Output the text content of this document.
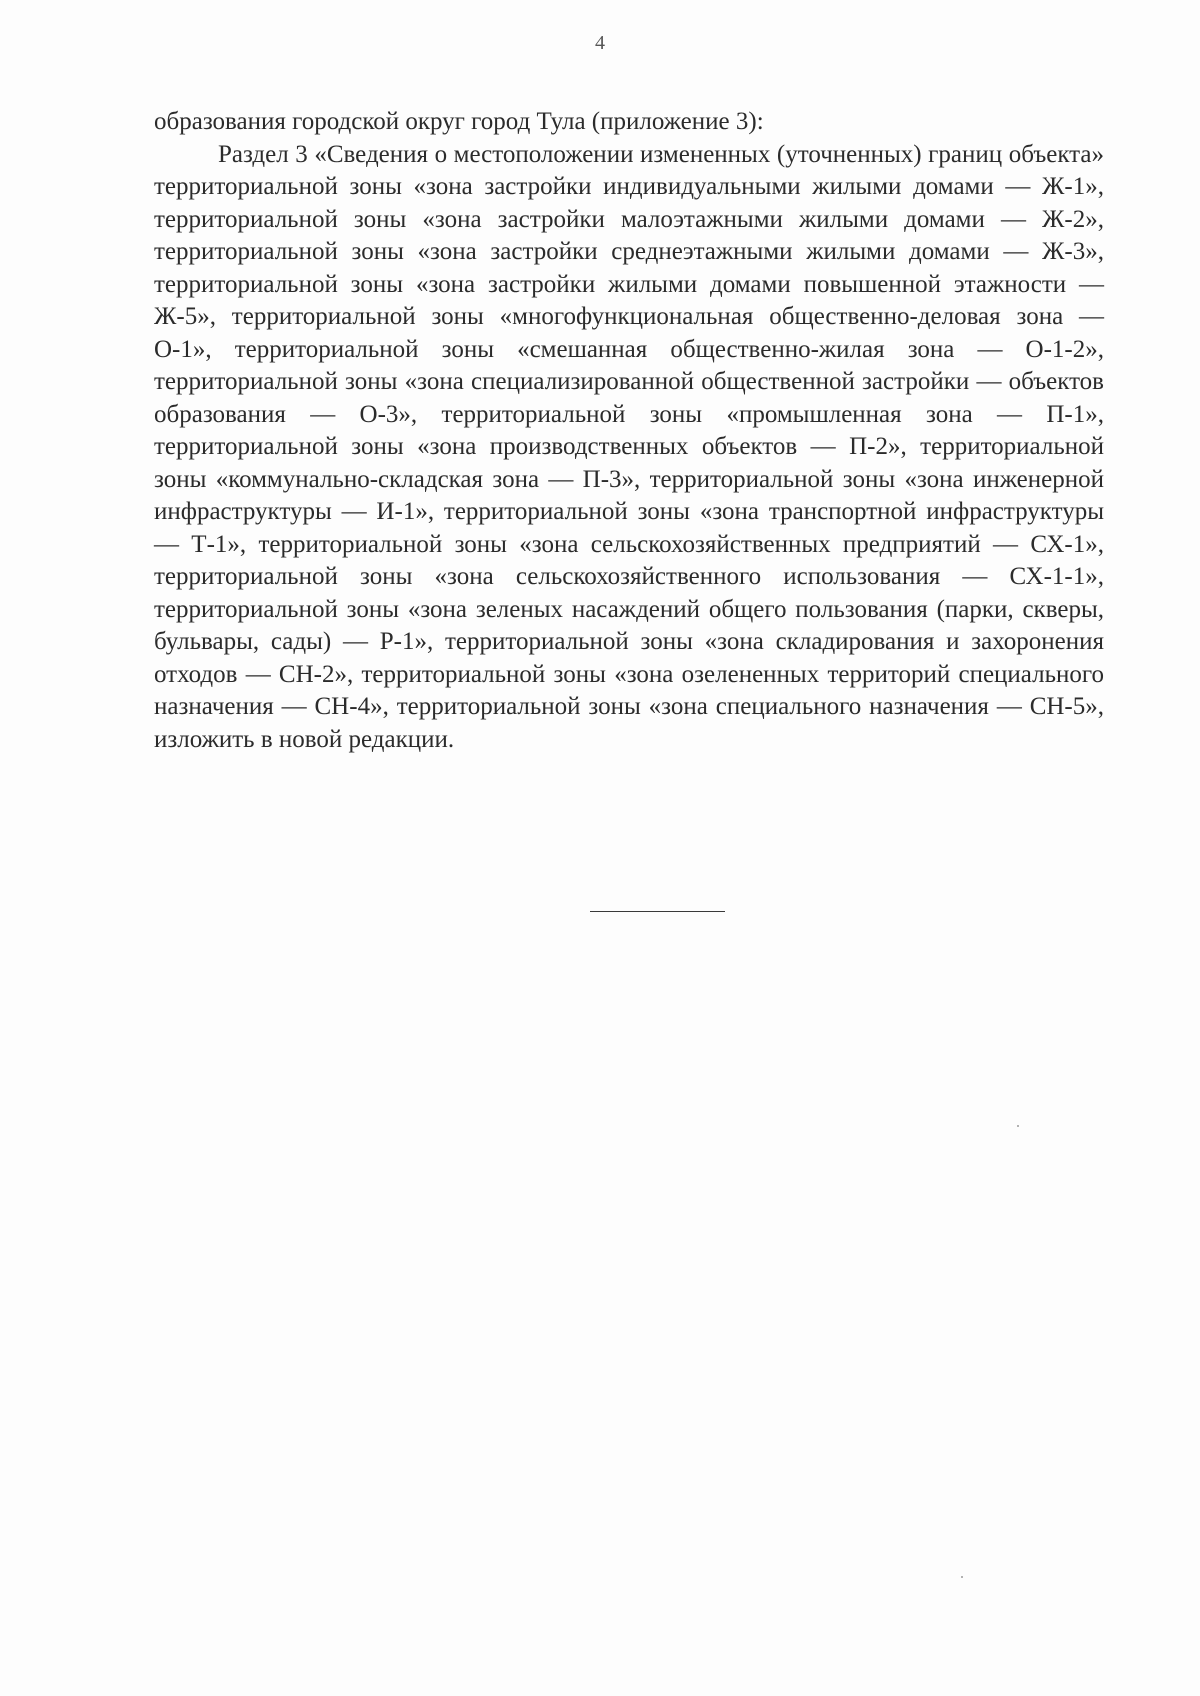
4

образования городской округ город Тула (приложение 3):

Раздел 3 «Сведения о местоположении измененных (уточненных) границ объекта» территориальной зоны «зона застройки индивидуальными жилыми домами — Ж-1», территориальной зоны «зона застройки малоэтажными жилыми домами — Ж-2», территориальной зоны «зона застройки среднеэтажными жилыми домами — Ж-3», территориальной зоны «зона застройки жилыми домами повышенной этажности — Ж-5», территориальной зоны «многофункциональная общественно-деловая зона — О-1», территориальной зоны «смешанная общественно-жилая зона — О-1-2», территориальной зоны «зона специализированной общественной застройки — объектов образования — О-3», территориальной зоны «промышленная зона — П-1», территориальной зоны «зона производственных объектов — П-2», территориальной зоны «коммунально-складская зона — П-3», территориальной зоны «зона инженерной инфраструктуры — И-1», территориальной зоны «зона транспортной инфраструктуры — Т-1», территориальной зоны «зона сельскохозяйственных предприятий — СХ-1», территориальной зоны «зона сельскохозяйственного использования — СХ-1-1», территориальной зоны «зона зеленых насаждений общего пользования (парки, скверы, бульвары, сады) — Р-1», территориальной зоны «зона складирования и захоронения отходов — СН-2», территориальной зоны «зона озелененных территорий специального назначения — СН-4», территориальной зоны «зона специального назначения — СН-5», изложить в новой редакции.
